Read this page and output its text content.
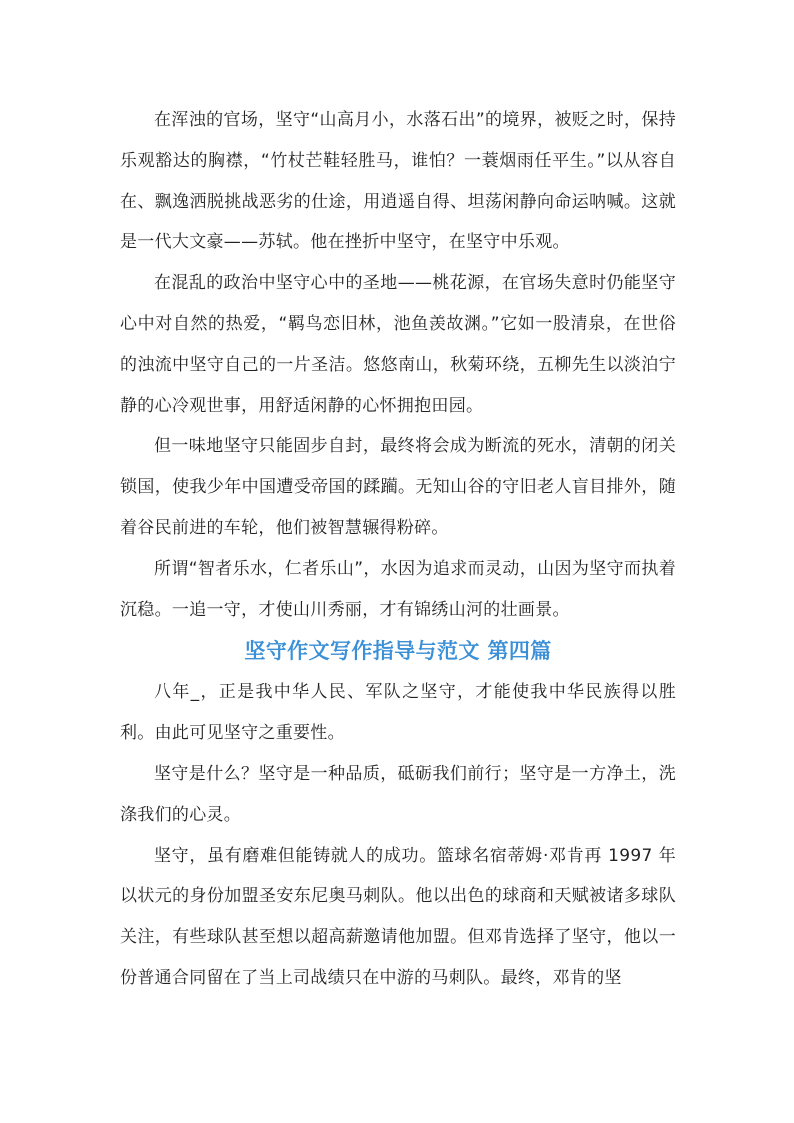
在浑浊的官场，坚守“山高月小，水落石出”的境界，被贬之时，保持乐观豁达的胸襟，“竹杖芒鞋轻胜马，谁怕？一蓑烟雨任平生。”以从容自在、飘逸洒脱挑战恶劣的仕途，用逍遥自得、坦荡闲静向命运呐喊。这就是一代大文豪——苏轼。他在挫折中坚守，在坚守中乐观。

在混乱的政治中坚守心中的圣地——桃花源，在官场失意时仍能坚守心中对自然的热爱，“羁鸟恋旧林，池鱼羡故渊。”它如一股清泉，在世俗的浊流中坚守自己的一片圣洁。悠悠南山，秋菊环绕，五柳先生以淡泊宁静的心冷观世事，用舒适闲静的心怀拥抱田园。

但一味地坚守只能固步自封，最终将会成为断流的死水，清朝的闭关锁国，使我少年中国遭受帝国的蹂躏。无知山谷的守旧老人盲目排外，随着谷民前进的车轮，他们被智慧辗得粉碎。

所谓“智者乐水，仁者乐山”，水因为追求而灵动，山因为坚守而执着沉稳。一追一守，才使山川秀丽，才有锦绣山河的壮画景。

坚守作文写作指导与范文 第四篇

八年_，正是我中华人民、军队之坚守，才能使我中华民族得以胜利。由此可见坚守之重要性。

坚守是什么？坚守是一种品质，砥砺我们前行；坚守是一方净土，洗涤我们的心灵。

坚守，虽有磨难但能铸就人的成功。篮球名宿蒂姆·邓肯再 1997 年以状元的身份加盟圣安东尼奥马刺队。他以出色的球商和天赋被诸多球队关注，有些球队甚至想以超高薪邀请他加盟。但邓肯选择了坚守，他以一份普通合同留在了当上司战绩只在中游的马刺队。最终，邓肯的坚
